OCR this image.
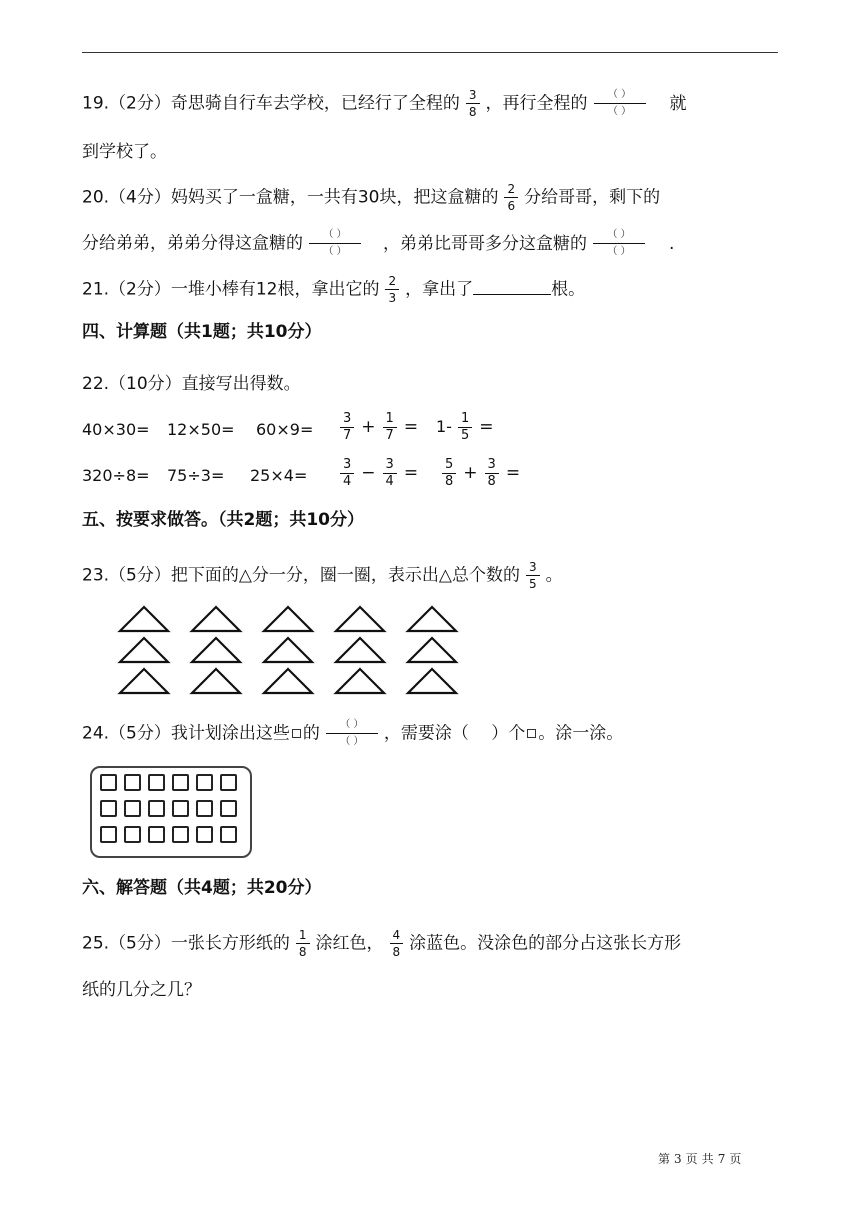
19.（2分）奇思骑自行车去学校，已经行了全程的 $\frac{3}{8}$ ，再行全程的 $\frac{( )}{( )}$ 就
到学校了。
20.（4分）妈妈买了一盒糖，一共有30块，把这盒糖的 $\frac{2}{6}$ 分给哥哥，剩下的
分给弟弟，弟弟分得这盒糖的 $\frac{( )}{( )}$ ，弟弟比哥哥多分这盒糖的 $\frac{( )}{( )}$ .
21.（2分）一堆小棒有12根，拿出它的 $\frac{2}{3}$ ，拿出了	根。
四、计算题（共1题；共10分）
22.（10分）直接写出得数。
$40\times 30= 12\times 50= 60\times 9= \frac{3}{7} + \frac{1}{7} = 1- \frac{1}{5}$ =
320÷8= 75÷3= 25×4=	$\frac{3}{4} - \frac{3}{4} = \frac{5}{8} + \frac{3}{8}$ =
五、按要求做答。（共2题；共10分）
23.（5分）把下面的△分一分，圈一圈，表示出△总个数的 $\frac{3}{5}$ 。
24.（5分）我计划涂出这些 的 $\frac{( )}{( )}$ ，需要涂（　 ）个 。涂一涂。
六、解答题（共4题；共20分）
25.（5分）一张长方形纸的 $\frac{1}{8}$ 涂红色， $\frac{4}{8}$ 涂蓝色。没涂色的部分占这张长方形
纸的几分之几？
第 3 页 共 7 页
